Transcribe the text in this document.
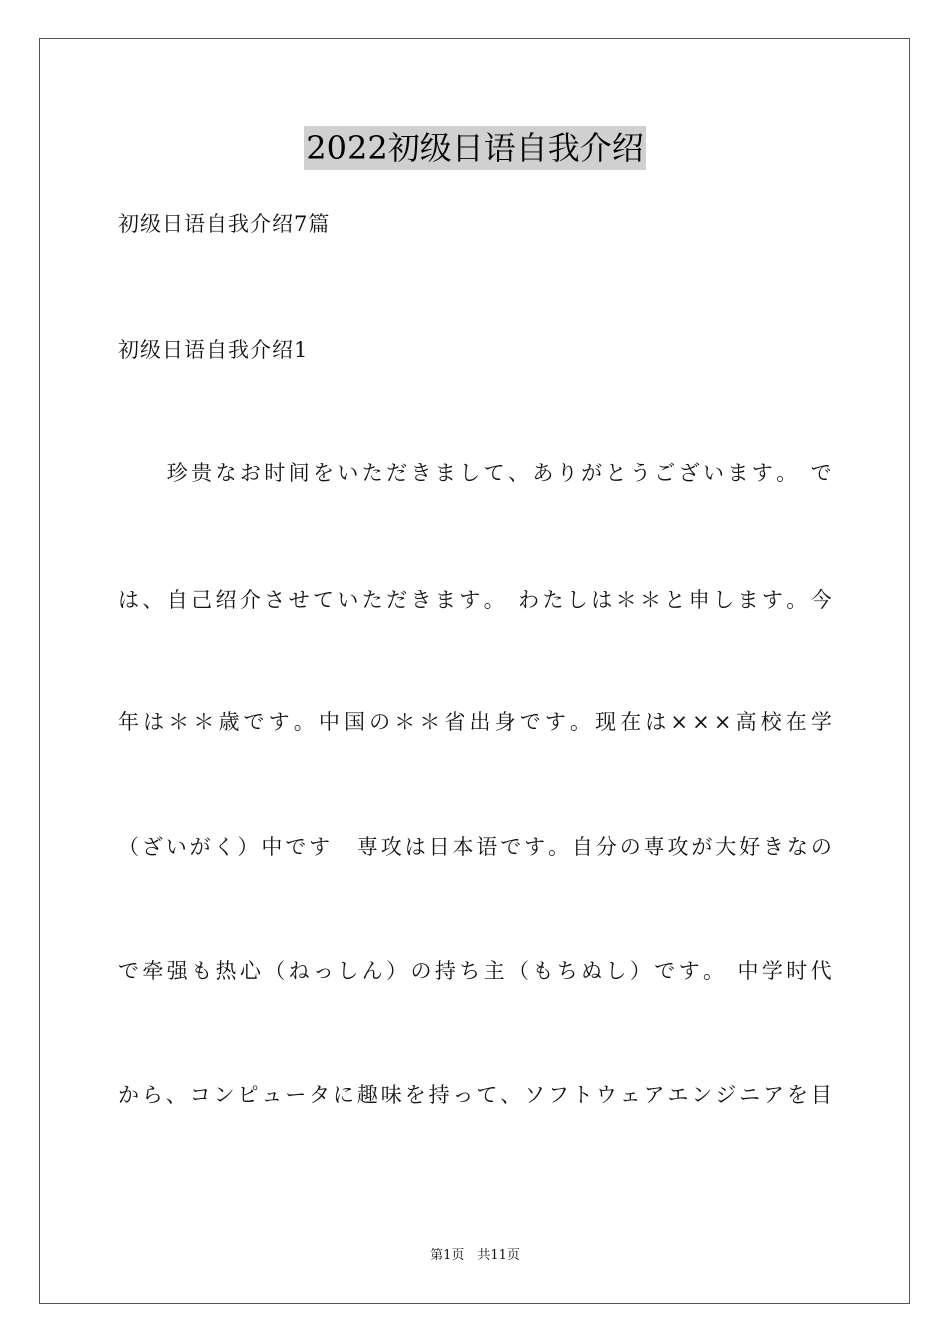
2022初级日语自我介绍
初级日语自我介绍7篇
初级日语自我介绍1

珍 贵 な お 时 间 を い た だ き ま し て 、 あ り が と う ご ざ い ま す 。
で
は 、 自 己 绍 介 さ せ て い た だ き ま す 。
わ た し は ＊ ＊ と 申 し ま す 。 今
年 は ＊ ＊ 歳 で す 。 中 国 の ＊ ＊ 省 出 身 で す 。 现 在 は × × × 高 校 在 学
（ ざ い が く ） 中 で す
　 専 攻 は 日 本 语 で す 。 自 分 の 専 攻 が 大 好 き な の
で 牵 强 も 热 心 （ ね っ し ん ） の 持 ち 主 （ も ち ぬ し ） で す 。
中 学 时 代
か ら 、 コ ン ピ ュ ー タ に 趣 味 を 持 っ て 、 ソ フ ト ウ ェ ア エ ン ジ ニ ア を 目
第1页　共11页
